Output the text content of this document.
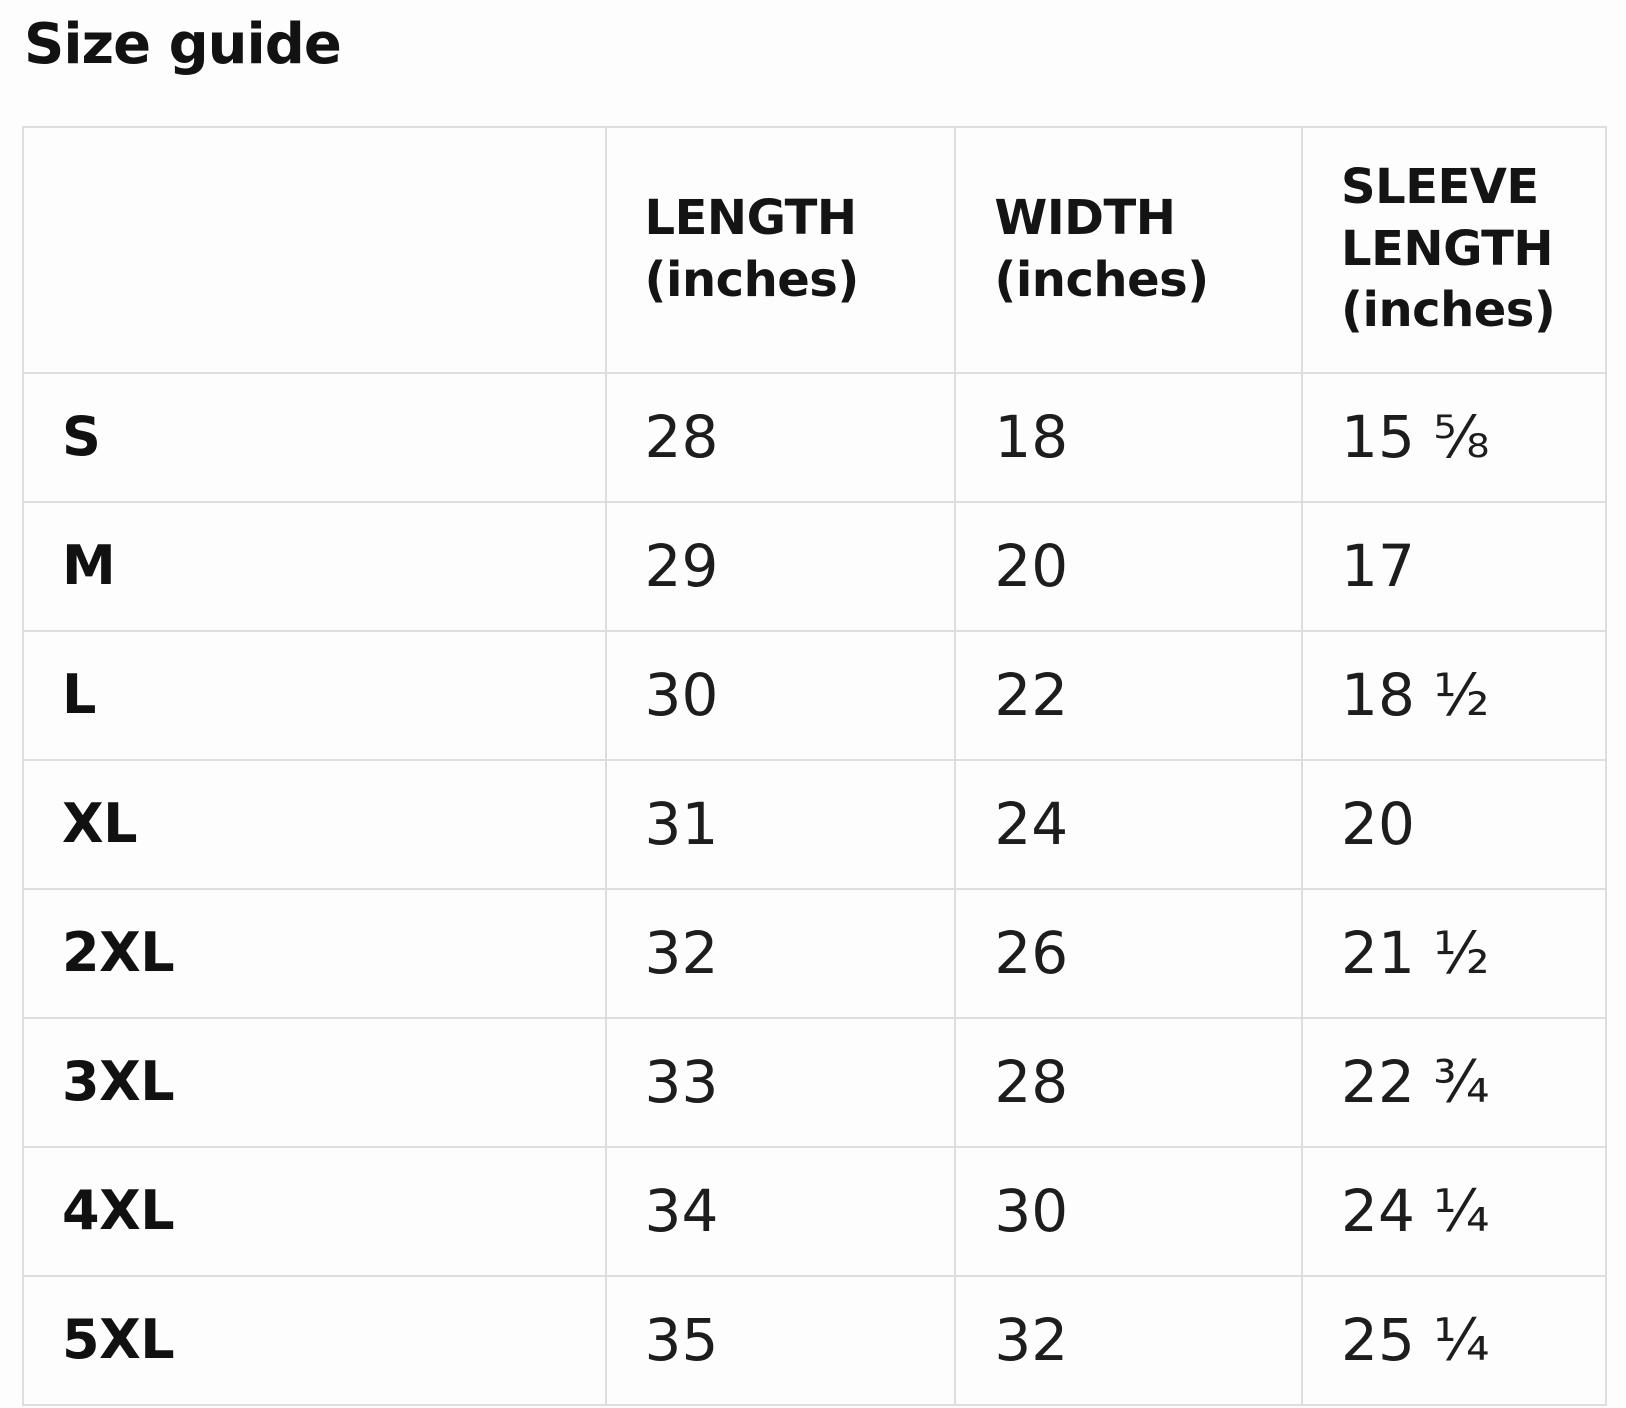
Size guide
	LENGTH (inches)	WIDTH (inches)	SLEEVE LENGTH (inches)
S	28	18	15 ⅝
M	29	20	17
L	30	22	18 ½
XL	31	24	20
2XL	32	26	21 ½
3XL	33	28	22 ¾
4XL	34	30	24 ¼
5XL	35	32	25 ¼
